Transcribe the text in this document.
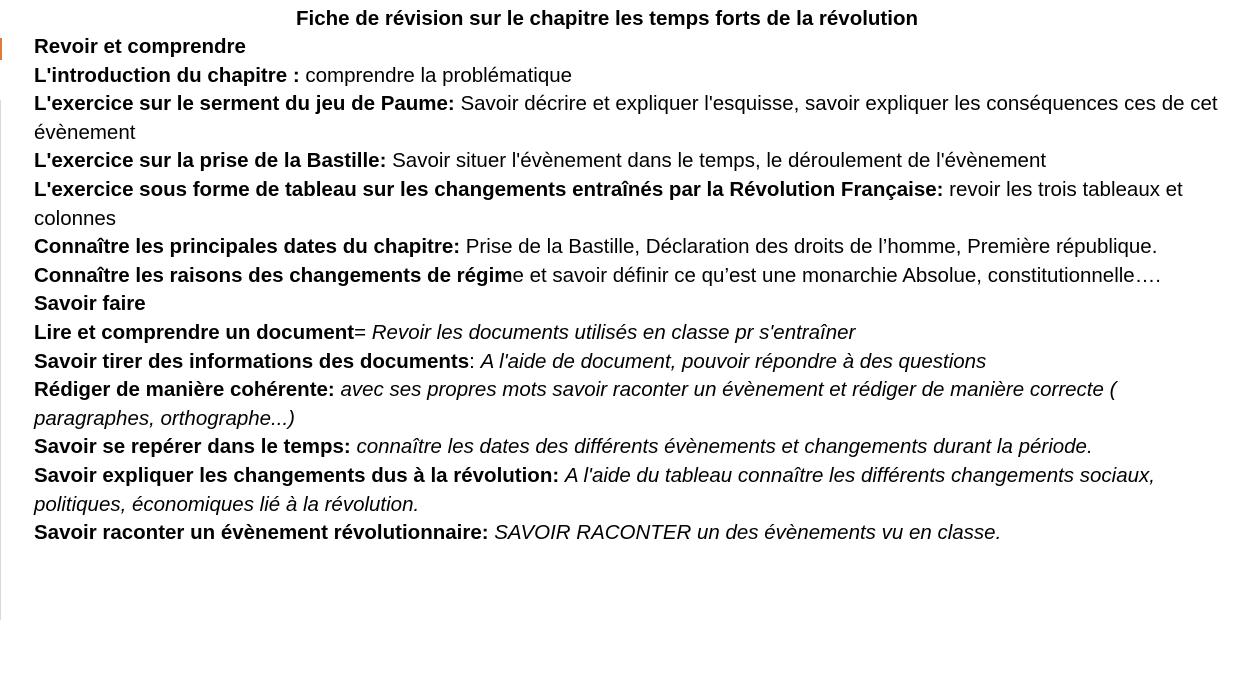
Fiche de révision sur le chapitre les temps forts de la révolution

Revoir et comprendre

L'introduction du chapitre : comprendre la problématique

L'exercice sur le serment du jeu de Paume: Savoir décrire et expliquer l'esquisse, savoir expliquer les conséquences ces de cet évènement

L'exercice sur la prise de la Bastille: Savoir situer l'évènement dans le temps, le déroulement de l'évènement

L'exercice sous forme de tableau sur les changements entraînés par la Révolution Française: revoir les trois tableaux et colonnes

Connaître les principales dates du chapitre: Prise de la Bastille, Déclaration des droits de l’homme, Première république.

Connaître les raisons des changements de régime et savoir définir ce qu’est une monarchie Absolue, constitutionnelle….

Savoir faire

Lire et comprendre un document= Revoir les documents utilisés en classe pr s'entraîner

Savoir tirer des informations des documents: A l'aide de document, pouvoir répondre à des questions

Rédiger de manière cohérente: avec ses propres mots savoir raconter un évènement et rédiger de manière correcte ( paragraphes, orthographe...)

Savoir se repérer dans le temps: connaître les dates des différents évènements et changements durant la période.

Savoir expliquer les changements dus à la révolution: A l'aide du tableau connaître les différents changements sociaux, politiques, économiques lié à la révolution.

Savoir raconter un évènement révolutionnaire: SAVOIR RACONTER un des évènements vu en classe.
